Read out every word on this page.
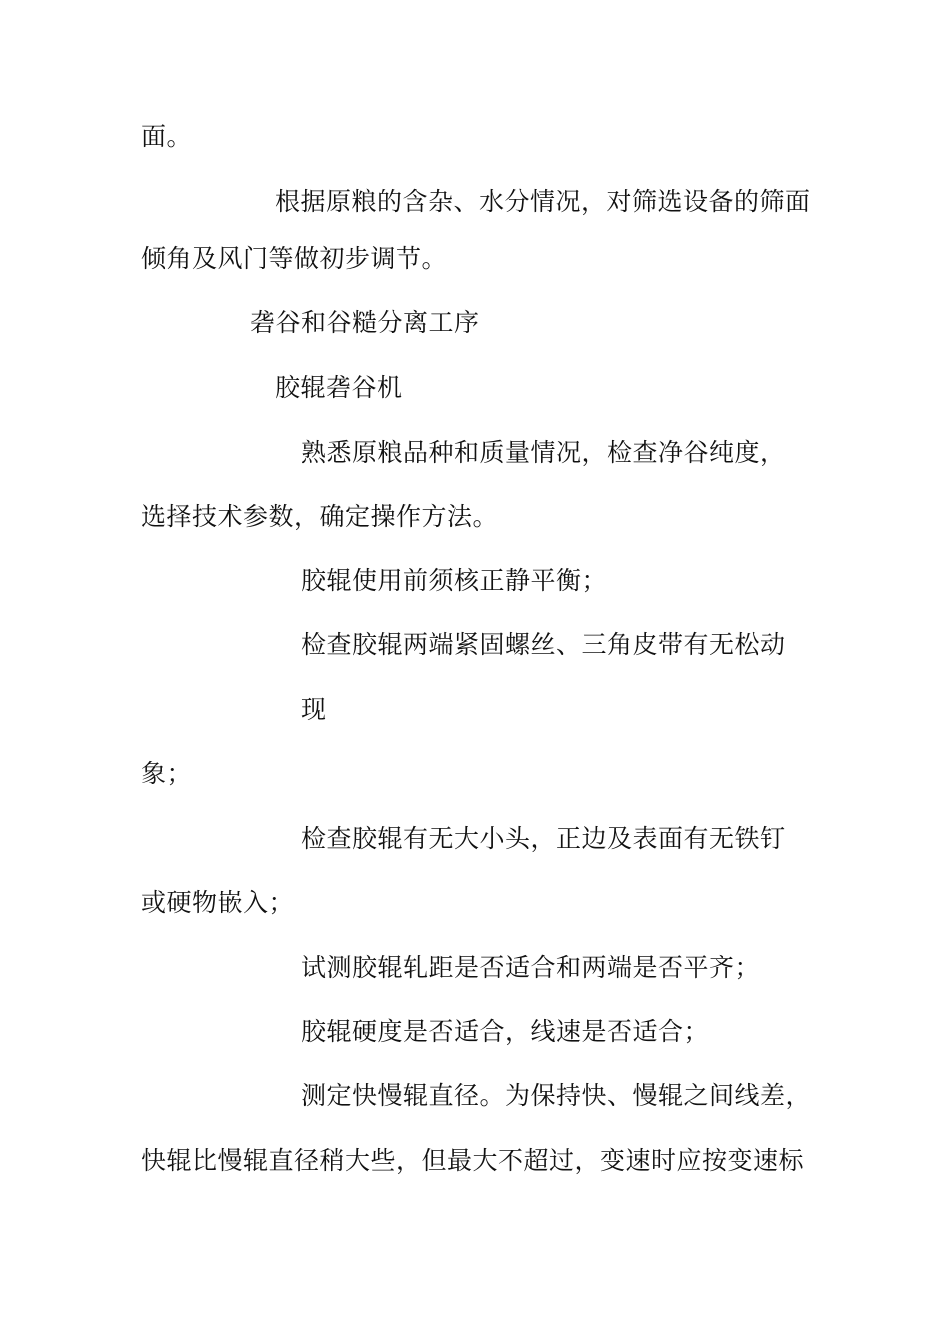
面。
根据原粮的含杂、水分情况，对筛选设备的筛面
倾角及风门等做初步调节。
砻谷和谷糙分离工序
胶辊砻谷机
熟悉原粮品种和质量情况，检查净谷纯度，
选择技术参数，确定操作方法。
胶辊使用前须核正静平衡；
检查胶辊两端紧固螺丝、三角皮带有无松动
现
象；
检查胶辊有无大小头，正边及表面有无铁钉
或硬物嵌入；
试测胶辊轧距是否适合和两端是否平齐；
胶辊硬度是否适合，线速是否适合；
测定快慢辊直径。为保持快、慢辊之间线差，
快辊比慢辊直径稍大些，但最大不超过，变速时应按变速标
